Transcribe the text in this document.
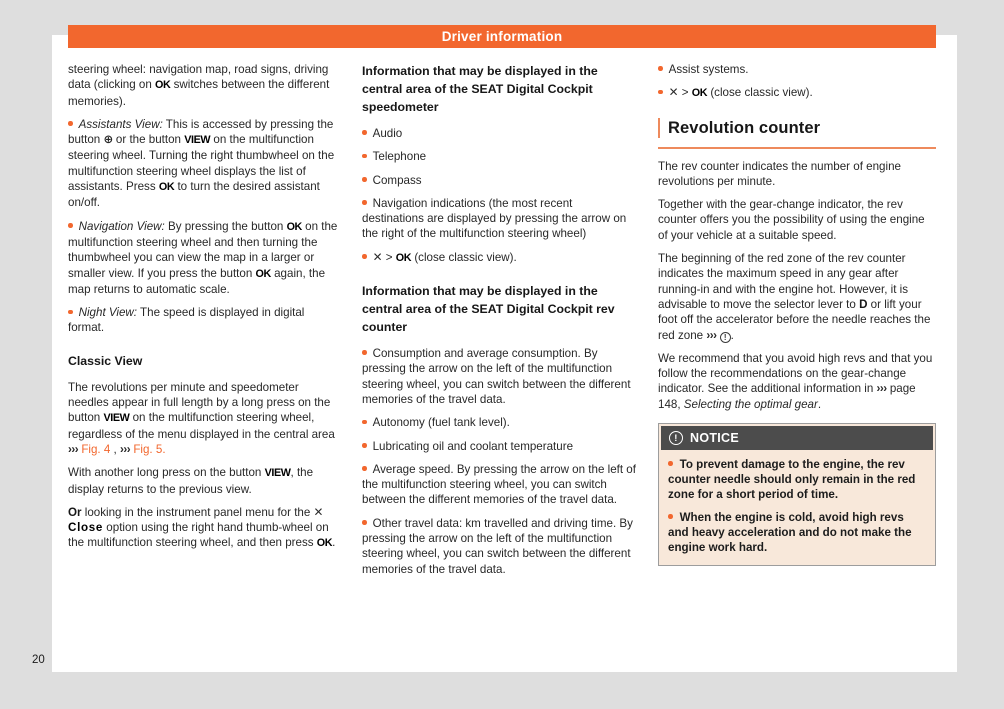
Driver information

steering wheel: navigation map, road signs, driving data (clicking on OK switches between the different memories).

Assistants View: This is accessed by pressing the button ⊕ or the button VIEW on the multifunction steering wheel. Turning the right thumbwheel on the multifunction steering wheel displays the list of assistants. Press OK to turn the desired assistant on/off.
Navigation View: By pressing the button OK on the multifunction steering wheel and then turning the thumbwheel you can view the map in a larger or smaller view. If you press the button OK again, the map returns to automatic scale.
Night View: The speed is displayed in digital format.
Classic View

The revolutions per minute and speedometer needles appear in full length by a long press on the button VIEW on the multifunction steering wheel, regardless of the menu displayed in the central area ››› Fig. 4 , ››› Fig. 5.

With another long press on the button VIEW, the display returns to the previous view.

Or looking in the instrument panel menu for the ✕ Close option using the right hand thumb-wheel on the multifunction steering wheel, and then press OK.

Information that may be displayed in the central area of the SEAT Digital Cockpit speedometer
Audio
Telephone
Compass
Navigation indications (the most recent destinations are displayed by pressing the arrow on the right of the multifunction steering wheel)
✕ > OK (close classic view).
Information that may be displayed in the central area of the SEAT Digital Cockpit rev counter
Consumption and average consumption. By pressing the arrow on the left of the multifunction steering wheel, you can switch between the different memories of the travel data.
Autonomy (fuel tank level).
Lubricating oil and coolant temperature
Average speed. By pressing the arrow on the left of the multifunction steering wheel, you can switch between the different memories of the travel data.
Other travel data: km travelled and driving time. By pressing the arrow on the left of the multifunction steering wheel, you can switch between the different memories of the travel data.
Assist systems.
✕ > OK (close classic view).
Revolution counter

The rev counter indicates the number of engine revolutions per minute.

Together with the gear-change indicator, the rev counter offers you the possibility of using the engine of your vehicle at a suitable speed.

The beginning of the red zone of the rev counter indicates the maximum speed in any gear after running-in and with the engine hot. However, it is advisable to move the selector lever to D or lift your foot off the accelerator before the needle reaches the red zone ››› ! .

We recommend that you avoid high revs and that you follow the recommendations on the gear-change indicator. See the additional information in ››› page 148, Selecting the optimal gear.

! NOTICE
To prevent damage to the engine, the rev counter needle should only remain in the red zone for a short period of time.
When the engine is cold, avoid high revs and heavy acceleration and do not make the engine work hard.
20
